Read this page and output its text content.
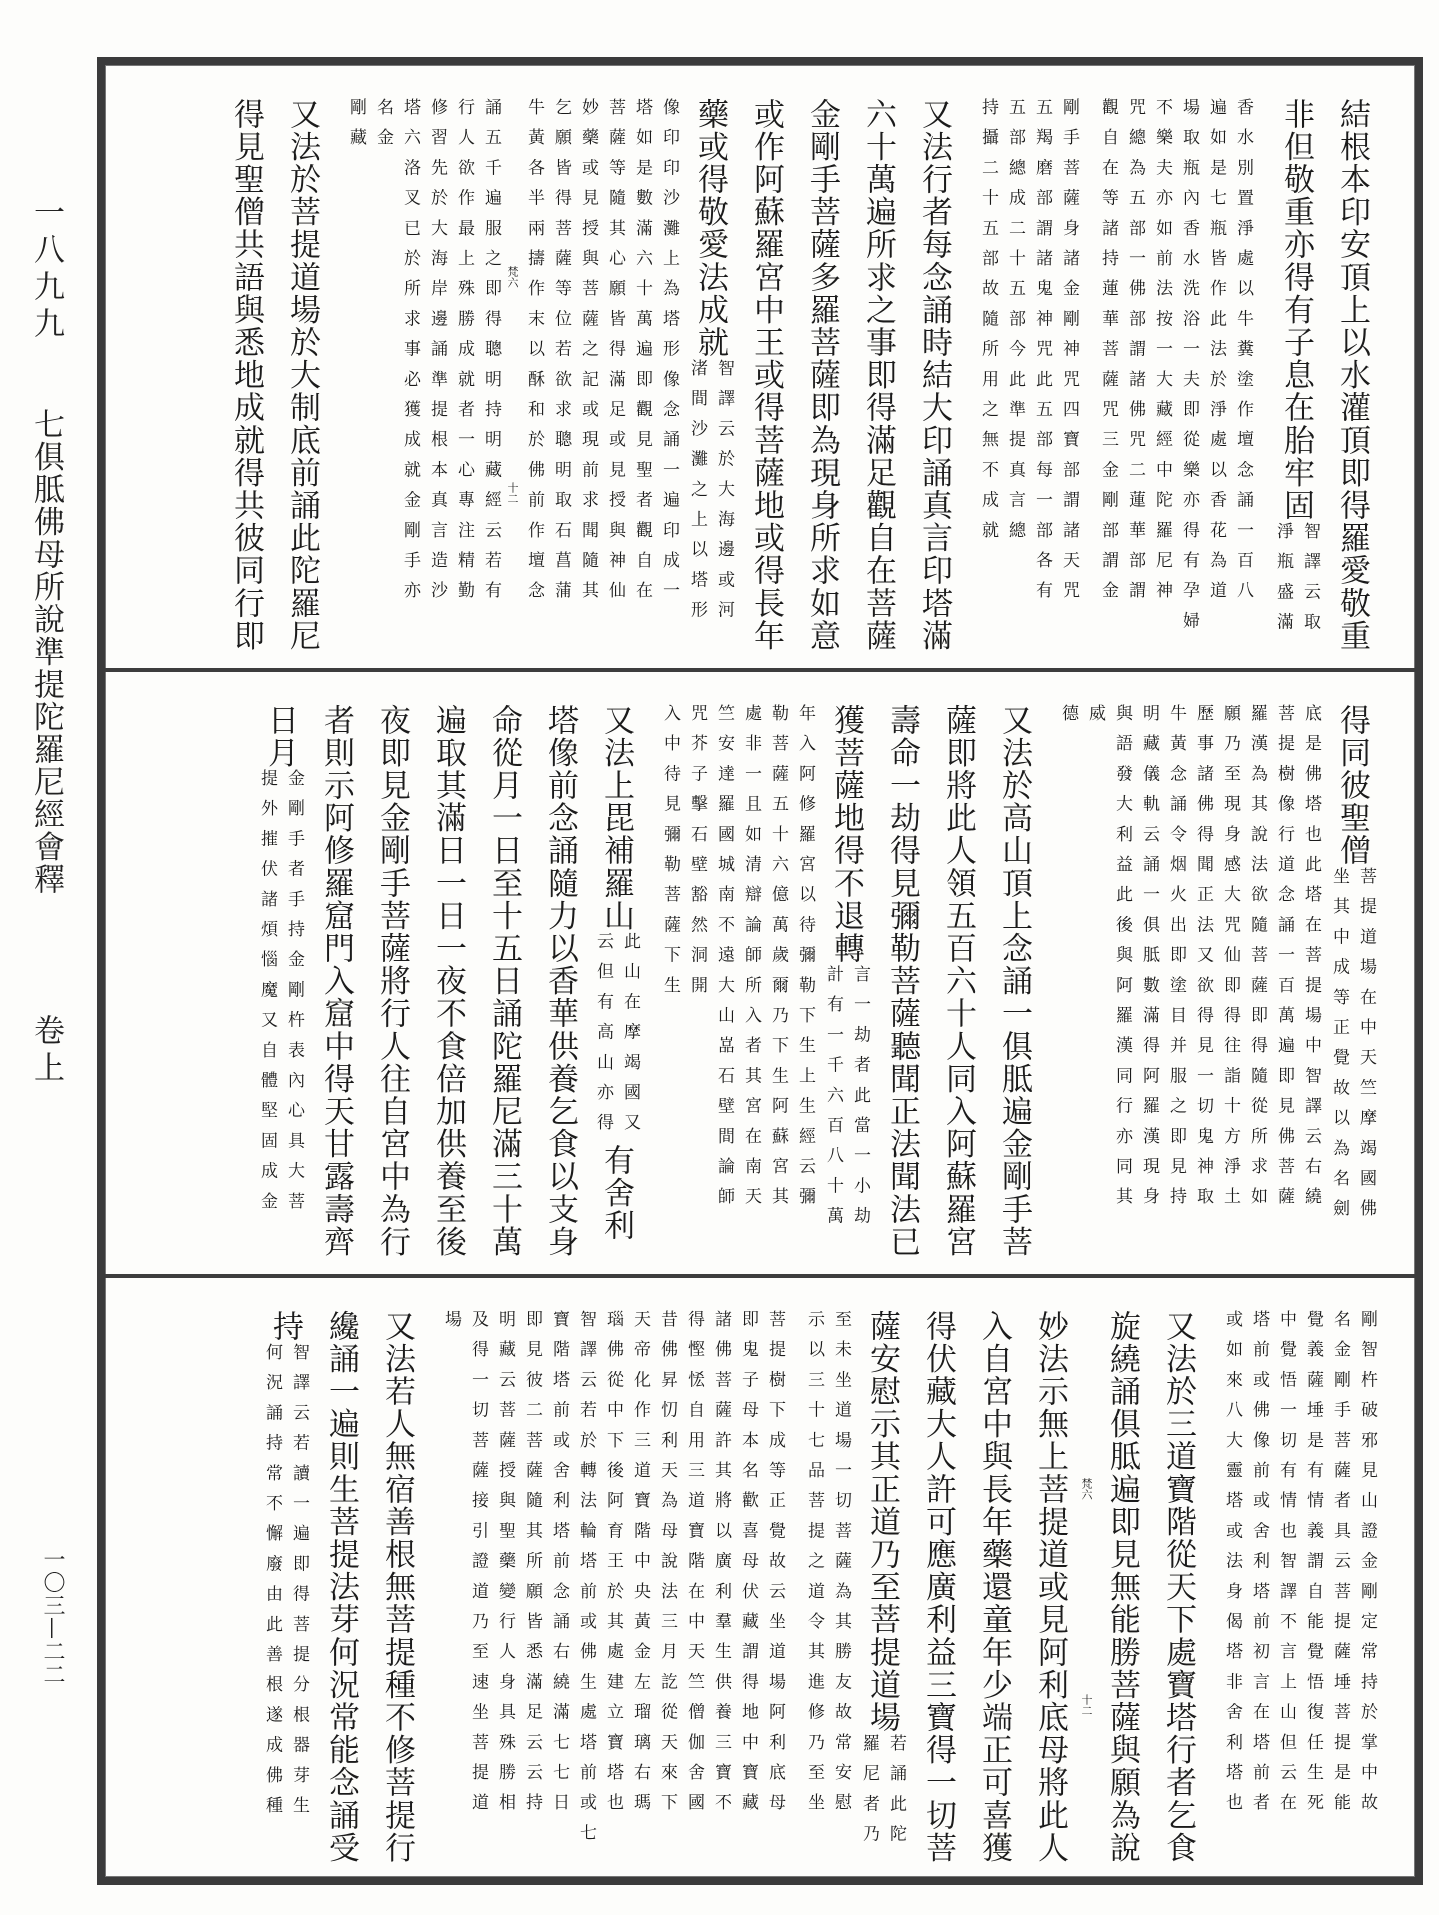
一八九九
七俱胝佛母所說準提陀羅尼經會釋
卷上
一〇三—二二
結根本印安頂上以水灌頂即得羅愛敬重
非但敬重亦得有子息在胎牢固
智譯云取
淨瓶盛滿
香水別置淨處以牛糞塗作壇念誦一百八
遍如是七瓶皆作此法於淨處以香花為道
場取瓶內香水洗浴一夫即從樂亦得有孕婦
不樂夫亦如前法按一大藏經中陀羅尼神
咒總為五部一佛部謂諸佛咒二蓮華部謂
觀自在等諸持蓮華菩薩咒三金剛部謂金
剛手菩薩身諸金剛神咒四寶部謂諸天咒
五羯磨部謂諸鬼神咒此五部每一部各有
五部總成二十五部今此準提真言總
持攝二十五部故隨所用之無不成就
又法行者每念誦時結大印誦真言印塔滿
六十萬遍所求之事即得滿足觀自在菩薩
金剛手菩薩多羅菩薩即為現身所求如意
或作阿蘇羅宮中王或得菩薩地或得長年
藥或得敬愛法成就
智譯云於大海邊或河
渚間沙灘之上以塔形
像印印沙灘上為塔形像念誦一遍印成一
塔如是數滿六十萬遍即觀見聖者觀自在
菩薩等隨其心願皆得滿足或見授與神仙
妙藥或見授與菩薩之記或現前求聞隨其
乞願皆得菩薩等位若欲求聰明取石菖蒲
牛黃各半兩擣作末以酥和於佛前作壇念
梵六
十二
誦五千遍服之即得聰明持明藏經云若有
行人欲作最上殊勝成就者一心專注精勤
修習先於大海岸邊誦準提根本真言造沙
塔六洛叉已於所求事必獲成就金剛手亦
名金
剛藏
又法於菩提道場於大制底前誦此陀羅尼
得見聖僧共語與悉地成就得共彼同行即
得同彼聖僧
菩提道場在中天竺摩竭國佛
坐其中成等正覺故以為名劍
底是佛塔也此塔在菩提場中智譯云右繞
菩提樹像行道念誦一百萬遍即見佛菩薩
羅漢為其說法欲隨菩薩即得隨從所求如
願乃至現身感大咒仙即得往詣十方淨土
歷事諸佛得聞正法又欲得見一切鬼神取
牛黃念誦令烟火出即塗目并服之即見持
明藏儀軌云誦一俱胝數滿得阿羅漢現身
與語發大利益此後與阿羅漢同行亦同其
威
德
又法於高山頂上念誦一俱胝遍金剛手菩
薩即將此人領五百六十人同入阿蘇羅宮
壽命一劫得見彌勒菩薩聽聞正法聞法已
獲菩薩地得不退轉
言一劫者此當一小劫
計有一千六百八十萬
年入阿修羅宮以待彌勒下生上生經云彌
勒菩薩五十六億萬歲爾乃下生阿蘇宮其
處非一且如清辯論師所入者其宮在南天
竺安達羅國城南不遠大山嵓石壁間論師
咒芥子擊石壁豁然洞開
入中待見彌勒菩薩下生
又法上毘補羅山
此山在摩竭國又
云但有高山亦得
有舍利
塔像前念誦隨力以香華供養乞食以支身
命從月一日至十五日誦陀羅尼滿三十萬
遍取其滿日一日一夜不食倍加供養至後
夜即見金剛手菩薩將行人往自宮中為行
者則示阿修羅窟門入窟中得天甘露壽齊
日月
金剛手者手持金剛杵表內心具大菩
提外摧伏諸煩惱魔又自體堅固成金
剛智杵破邪見山證金剛定常持於掌中故
名金剛手菩薩者具云菩提薩埵菩提是能
覺義薩埵是有情義謂自能覺悟復任生死
中覺悟一切有情也智譯不言上山但云在
塔前或佛像前或舍利塔前初言在塔前者
或如來八大靈塔或法身偈塔非舍利塔也
又法於三道寶階從天下處寶塔行者乞食
旋繞誦俱胝遍即見無能勝菩薩與願為說
梵六
十二
妙法示無上菩提道或見阿利底母將此人
入自宮中與長年藥還童年少端正可喜獲
得伏藏大人許可應廣利益三寶得一切菩
薩安慰示其正道乃至菩提道場
若誦此陀
羅尼者乃
至未坐道場一切菩薩為其勝友故常安慰
示以三十七品菩提之道令其進修乃至坐
菩提樹下成等正覺故云坐道場阿利底母
即鬼子母本名歡喜母伏藏謂得地中寶藏
諸佛菩薩許其將以廣利羣生供養三寶不
得慳恡自用三道寶階在中天竺僧伽舍國
昔佛昇忉利天為母說法三月訖從天來下
天帝化作三道寶階中央黃金左瑠璃右瑪
瑙佛從中下後阿育王於其處建立寶塔也
智譯云若於轉法輪塔前或佛生處塔前或七
寶階塔前或舍利塔前念誦右繞滿七七日
即見彼二菩薩隨其所願皆悉滿足云云持
明藏云菩薩授與聖藥變行人身具殊勝相
及得一切菩薩接引證道乃至速坐菩提道
場
又法若人無宿善根無菩提種不修菩提行
纔誦一遍則生菩提法芽何況常能念誦受
持
智譯云若讀一遍即得菩提分根器芽生
何況誦持常不懈廢由此善根遂成佛種
